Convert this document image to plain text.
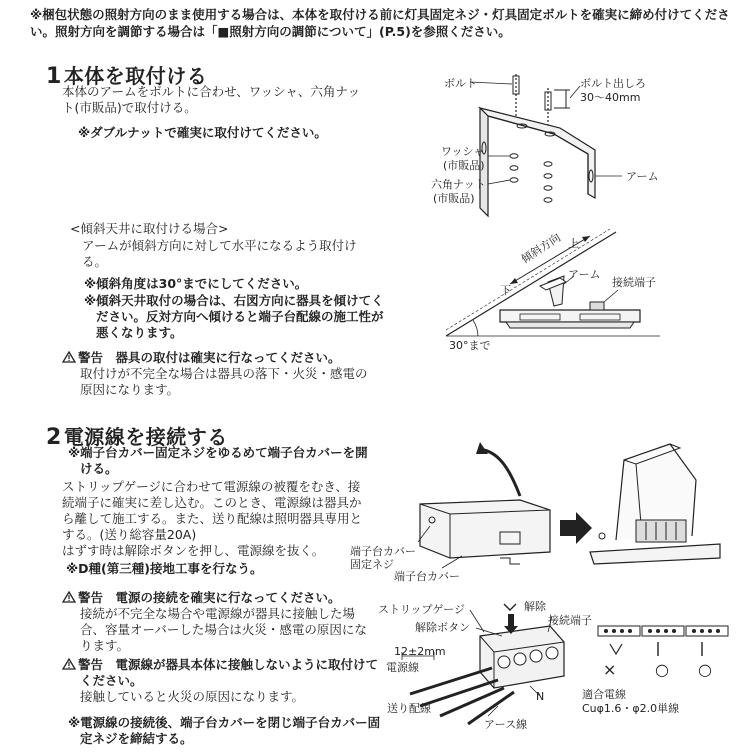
※梱包状態の照射方向のまま使用する場合は、本体を取付ける前に灯具固定ネジ・灯具固定ボルトを確実に締め付けてください。照射方向を調節する場合は「■照射方向の調節について」(P.5)を参照ください。
1 本体を取付ける
本体のアームをボルトに合わせ、ワッシャ、六角ナット(市販品)で取付ける。
※ダブルナットで確実に取付けてください。
<傾斜天井に取付ける場合>
アームが傾斜方向に対して水平になるよう取付ける。
※傾斜角度は30°までにしてください。
※傾斜天井取付の場合は、右図方向に器具を傾けてください。反対方向へ傾けると端子台配線の施工性が悪くなります。
警告　器具の取付は確実に行なってください。
取付けが不完全な場合は器具の落下・火災・感電の原因になります。
ボルト	ボルト出しろ
30〜40mm
ワッシャ
(市販品)
六角ナット
(市販品)
アーム
下
傾斜方向 上
アーム
接続端子
30°まで
2 電源線を接続する
※端子台カバー固定ネジをゆるめて端子台カバーを開ける。
ストリップゲージに合わせて電源線の被覆をむき、接続端子に確実に差し込む。このとき、電源線は器具から離して施工する。また、送り配線は照明器具専用とする。(送り総容量20A)
はずす時は解除ボタンを押し、電源線を抜く。
※D種(第三種)接地工事を行なう。
警告　電源の接続を確実に行なってください。
接続が不完全な場合や電源線が器具に接触した場合、容量オーバーした場合は火災・感電の原因になります。
警告　電源線が器具本体に接触しないように取付けてください。
接触していると火災の原因になります。
※電源線の接続後、端子台カバーを閉じ端子台カバー固定ネジを締結する。
端子台カバー
固定ネジ
端子台カバー
ストリップゲージ	解除
解除ボタン
接続端子
12±2mm
電源線
N
送り配線
アース線
× ○ ○
適合電線
Cuφ1.6・φ2.0単線
